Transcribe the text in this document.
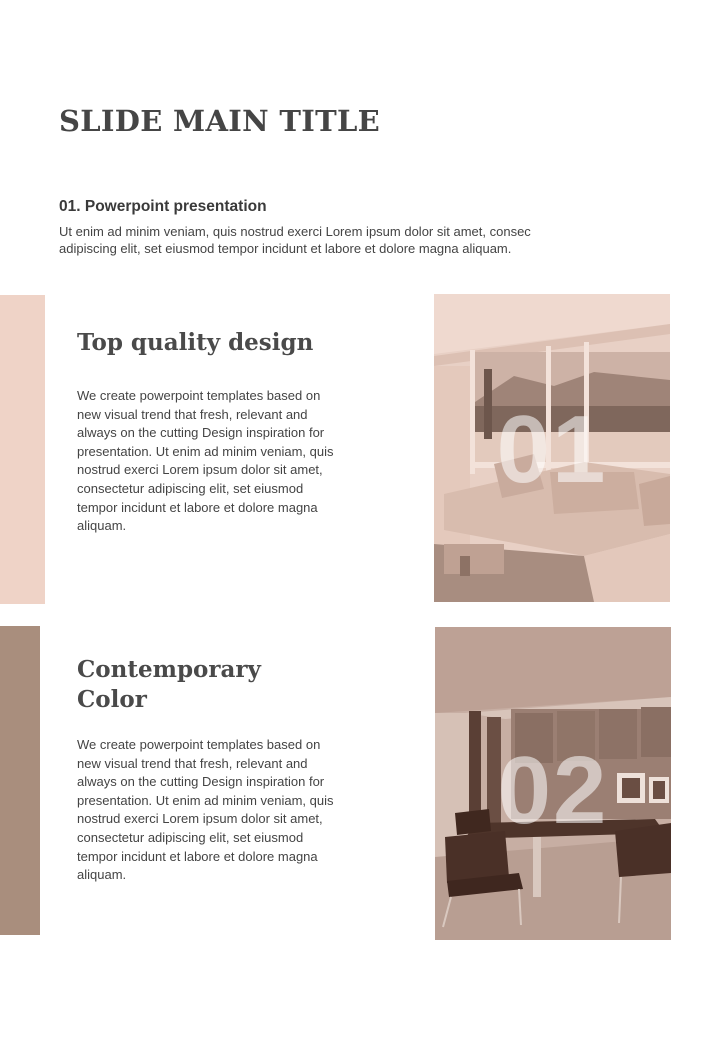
SLIDE MAIN TITLE
01. Powerpoint presentation

Ut enim ad minim veniam, quis nostrud exerci Lorem ipsum dolor sit amet, consec
adipiscing elit, set eiusmod tempor incidunt et labore et dolore magna aliquam.

Top quality design

We create powerpoint templates based on new visual trend that fresh, relevant and always on the cutting Design inspiration for presentation. Ut enim ad minim veniam, quis nostrud exerci Lorem ipsum dolor sit amet, consectetur adipiscing elit, set eiusmod tempor incidunt et labore et dolore magna aliquam.

01
Contemporary
Color

We create powerpoint templates based on new visual trend that fresh, relevant and always on the cutting Design inspiration for presentation. Ut enim ad minim veniam, quis nostrud exerci Lorem ipsum dolor sit amet, consectetur adipiscing elit, set eiusmod tempor incidunt et labore et dolore magna aliquam.

02
